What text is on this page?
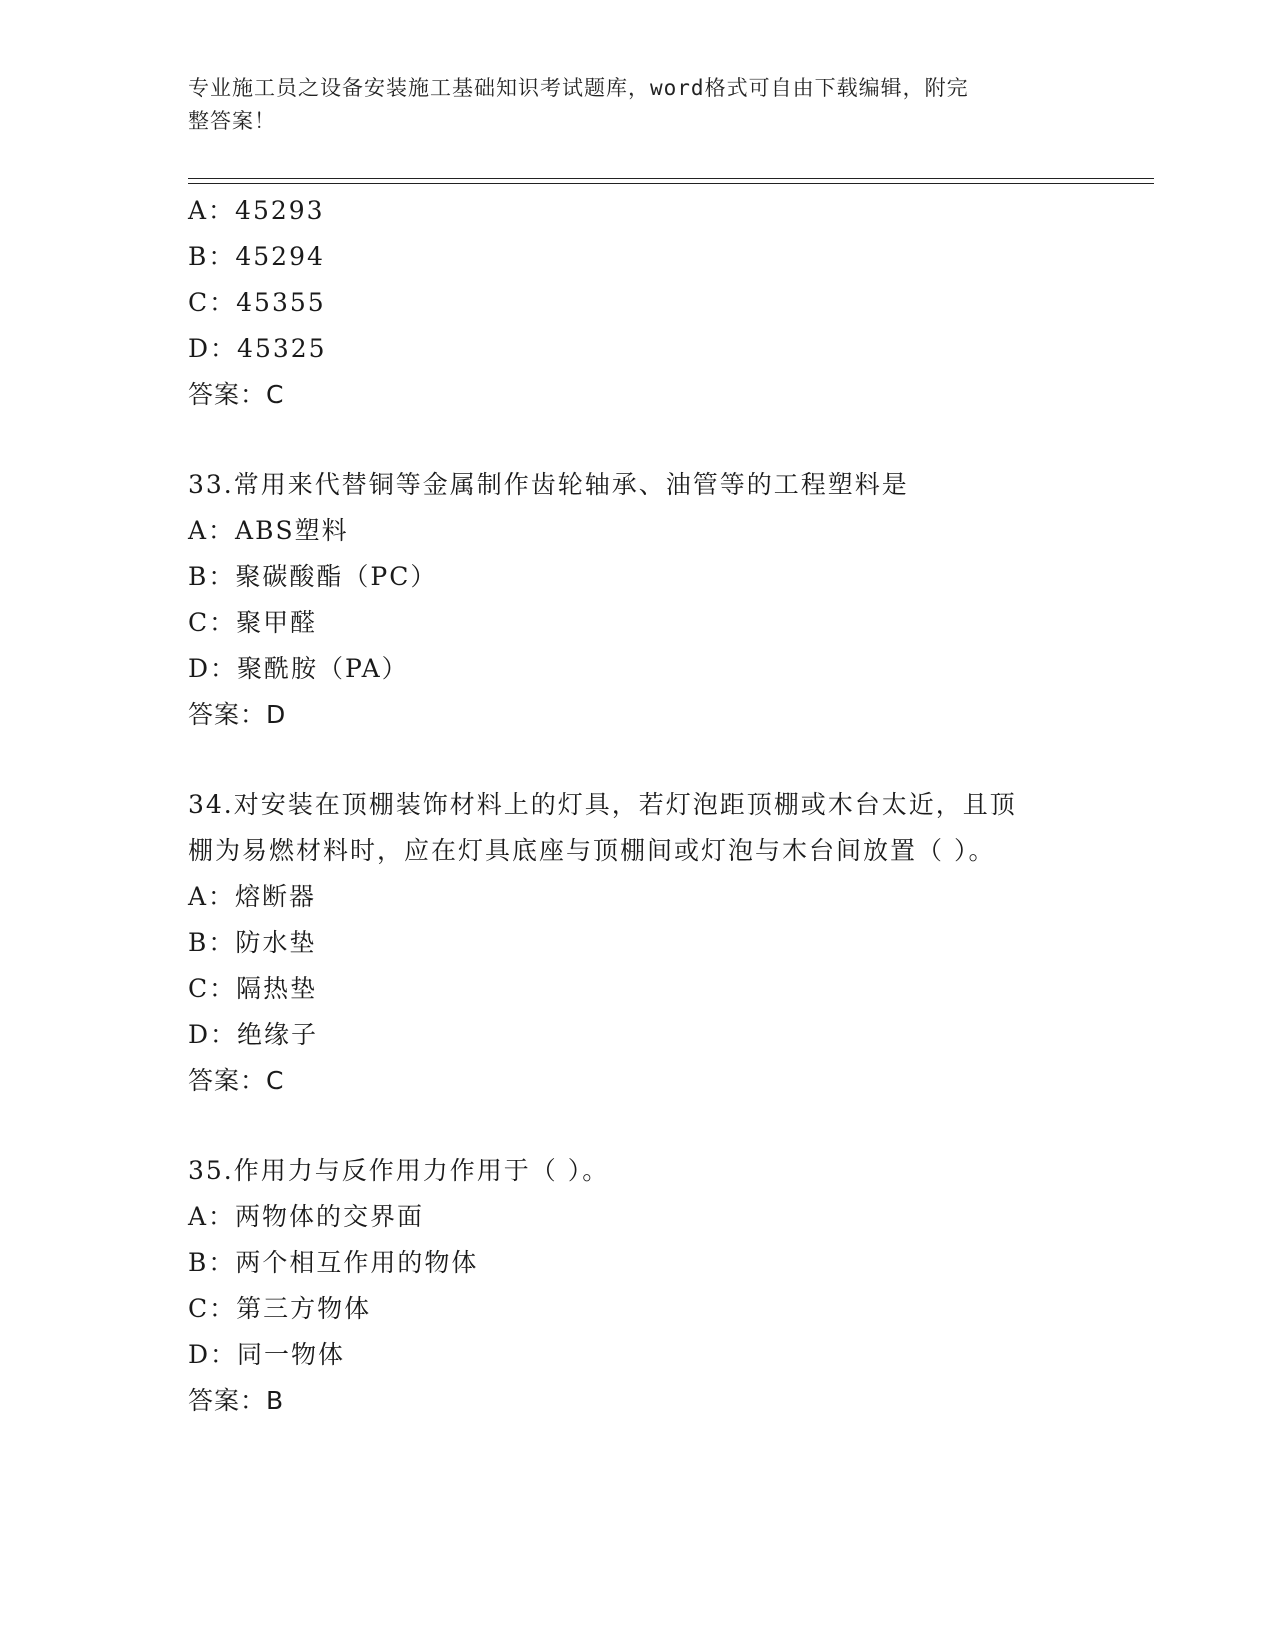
专业施工员之设备安装施工基础知识考试题库，word格式可自由下载编辑，附完
整答案！
A：45293
B：45294
C：45355
D：45325
答案：C
33.常用来代替铜等金属制作齿轮轴承、油管等的工程塑料是
A：ABS塑料
B：聚碳酸酯（PC）
C：聚甲醛
D：聚酰胺（PA）
答案：D
34.对安装在顶棚装饰材料上的灯具，若灯泡距顶棚或木台太近，且顶
棚为易燃材料时，应在灯具底座与顶棚间或灯泡与木台间放置（ ）。
A：熔断器
B：防水垫
C：隔热垫
D：绝缘子
答案：C
35.作用力与反作用力作用于（ ）。
A：两物体的交界面
B：两个相互作用的物体
C：第三方物体
D：同一物体
答案：B
